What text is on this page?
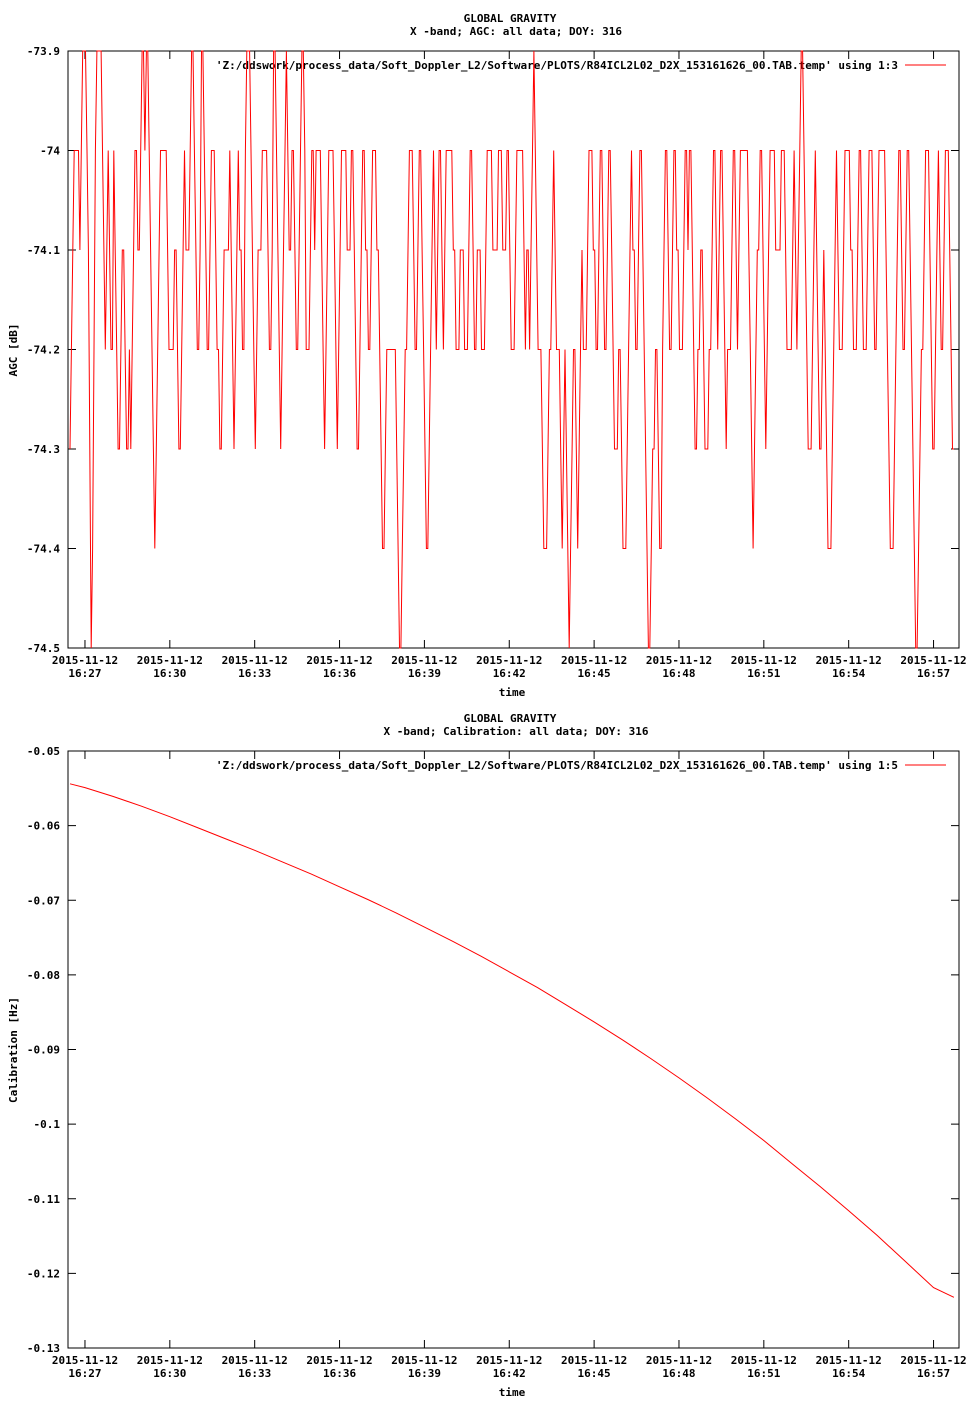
GLOBAL GRAVITY
X -band; AGC: all data; DOY: 316
AGC [dB]
time
-73.9
-74
-74.1
-74.2
-74.3
-74.4
-74.5
2015-11-12
16:27
2015-11-12
16:30
2015-11-12
16:33
2015-11-12
16:36
2015-11-12
16:39
2015-11-12
16:42
2015-11-12
16:45
2015-11-12
16:48
2015-11-12
16:51
2015-11-12
16:54
2015-11-12
16:57
'Z:/ddswork/process_data/Soft_Doppler_L2/Software/PLOTS/R84ICL2L02_D2X_153161626_00.TAB.temp' using 1:3
GLOBAL GRAVITY
X -band; Calibration: all data; DOY: 316
Calibration [Hz]
time
-0.05
-0.06
-0.07
-0.08
-0.09
-0.1
-0.11
-0.12
-0.13
2015-11-12
16:27
2015-11-12
16:30
2015-11-12
16:33
2015-11-12
16:36
2015-11-12
16:39
2015-11-12
16:42
2015-11-12
16:45
2015-11-12
16:48
2015-11-12
16:51
2015-11-12
16:54
2015-11-12
16:57
'Z:/ddswork/process_data/Soft_Doppler_L2/Software/PLOTS/R84ICL2L02_D2X_153161626_00.TAB.temp' using 1:5
